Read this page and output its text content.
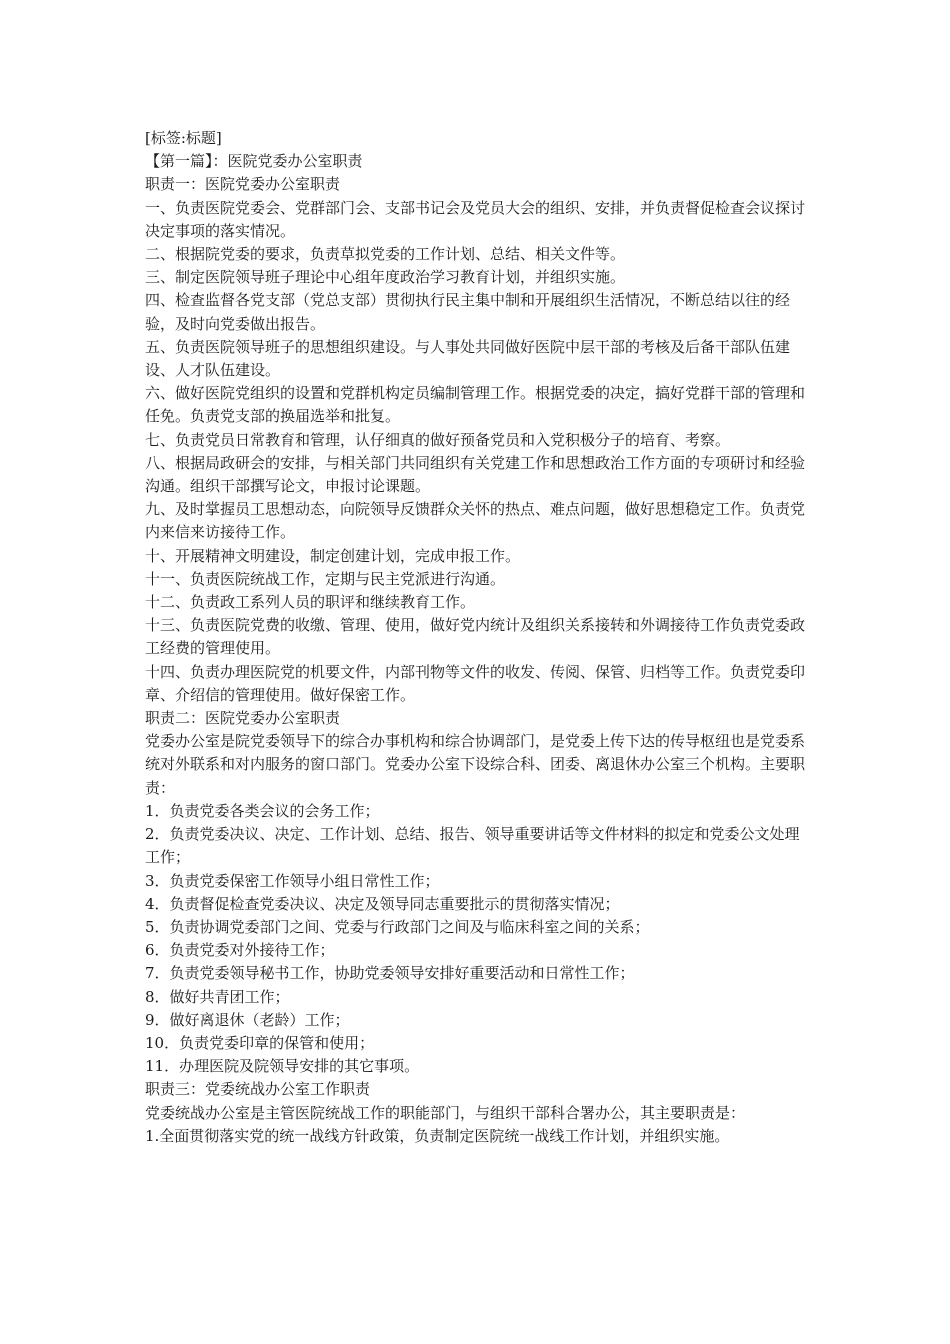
[标签:标题]

【第一篇】：医院党委办公室职责

职责一：医院党委办公室职责

一、负责医院党委会、党群部门会、支部书记会及党员大会的组织、安排，并负责督促检查会议探讨决定事项的落实情况。

二、根据院党委的要求，负责草拟党委的工作计划、总结、相关文件等。

三、制定医院领导班子理论中心组年度政治学习教育计划，并组织实施。

四、检查监督各党支部（党总支部）贯彻执行民主集中制和开展组织生活情况，不断总结以往的经验，及时向党委做出报告。

五、负责医院领导班子的思想组织建设。与人事处共同做好医院中层干部的考核及后备干部队伍建设、人才队伍建设。

六、做好医院党组织的设置和党群机构定员编制管理工作。根据党委的决定，搞好党群干部的管理和任免。负责党支部的换届选举和批复。

七、负责党员日常教育和管理，认仔细真的做好预备党员和入党积极分子的培育、考察。

八、根据局政研会的安排，与相关部门共同组织有关党建工作和思想政治工作方面的专项研讨和经验沟通。组织干部撰写论文，申报讨论课题。

九、及时掌握员工思想动态，向院领导反馈群众关怀的热点、难点问题，做好思想稳定工作。负责党内来信来访接待工作。

十、开展精神文明建设，制定创建计划，完成申报工作。

十一、负责医院统战工作，定期与民主党派进行沟通。

十二、负责政工系列人员的职评和继续教育工作。

十三、负责医院党费的收缴、管理、使用，做好党内统计及组织关系接转和外调接待工作负责党委政工经费的管理使用。

十四、负责办理医院党的机要文件，内部刊物等文件的收发、传阅、保管、归档等工作。负责党委印章、介绍信的管理使用。做好保密工作。

职责二：医院党委办公室职责

党委办公室是院党委领导下的综合办事机构和综合协调部门，是党委上传下达的传导枢纽也是党委系统对外联系和对内服务的窗口部门。党委办公室下设综合科、团委、离退休办公室三个机构。主要职责：

1．负责党委各类会议的会务工作；

2．负责党委决议、决定、工作计划、总结、报告、领导重要讲话等文件材料的拟定和党委公文处理工作；

3．负责党委保密工作领导小组日常性工作；

4．负责督促检查党委决议、决定及领导同志重要批示的贯彻落实情况；

5．负责协调党委部门之间、党委与行政部门之间及与临床科室之间的关系；

6．负责党委对外接待工作；

7．负责党委领导秘书工作，协助党委领导安排好重要活动和日常性工作；

8．做好共青团工作；

9．做好离退休（老龄）工作；

10．负责党委印章的保管和使用；

11．办理医院及院领导安排的其它事项。

职责三：党委统战办公室工作职责

党委统战办公室是主管医院统战工作的职能部门，与组织干部科合署办公，其主要职责是：

1.全面贯彻落实党的统一战线方针政策，负责制定医院统一战线工作计划，并组织实施。
